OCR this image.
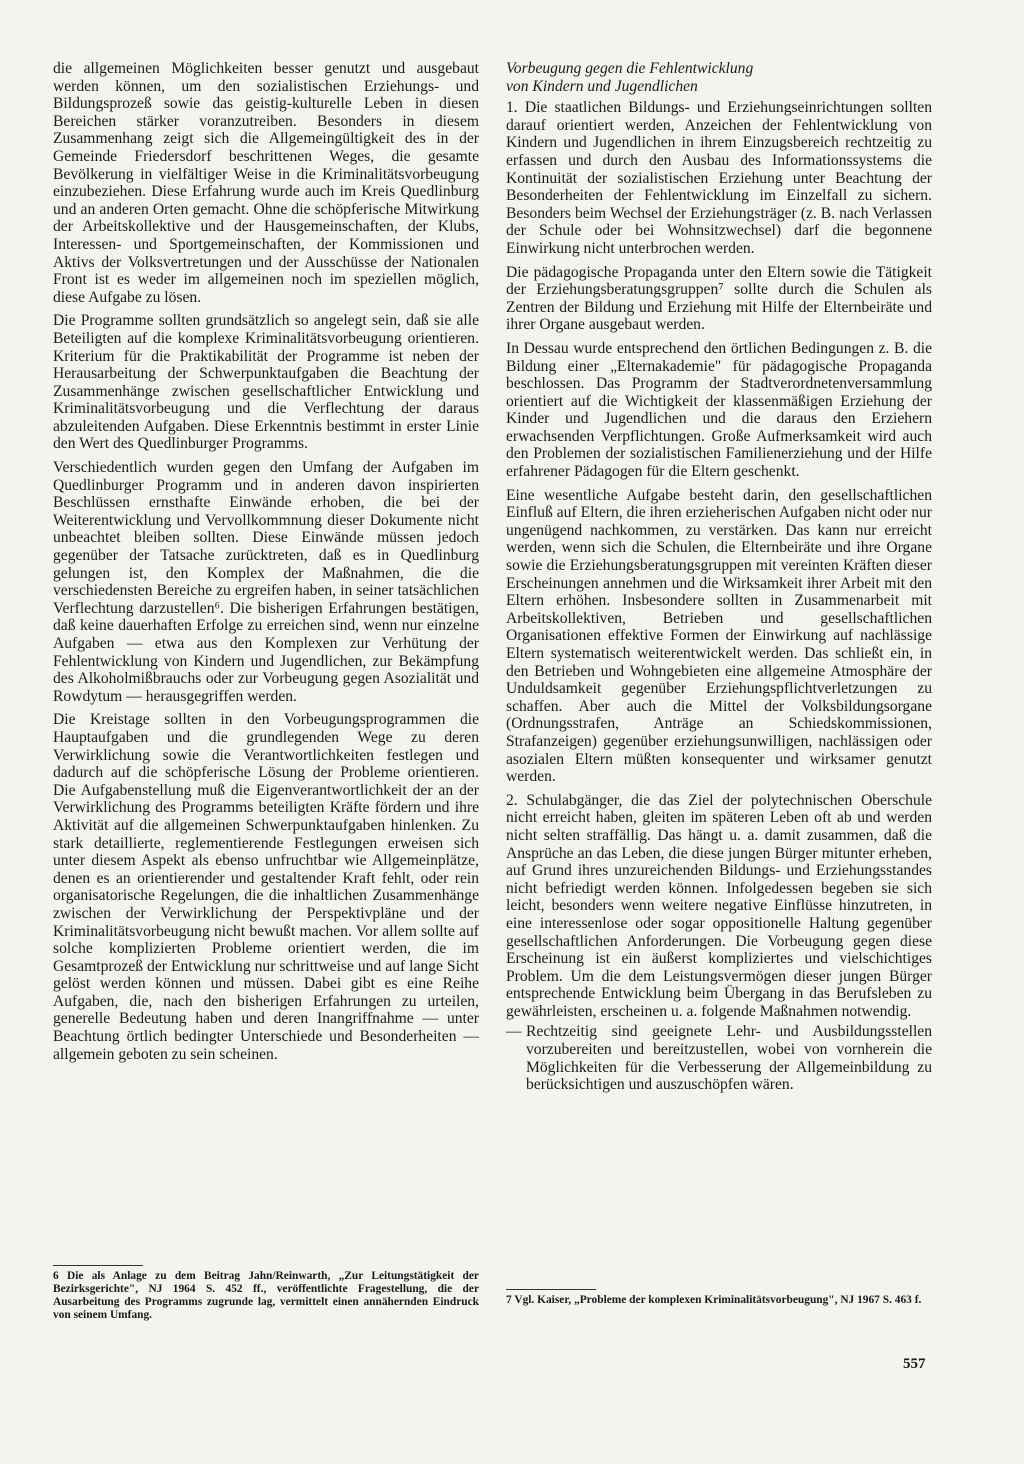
die allgemeinen Möglichkeiten besser genutzt und ausgebaut werden können, um den sozialistischen Erziehungs- und Bildungsprozeß sowie das geistig-kulturelle Leben in diesen Bereichen stärker voranzutreiben. Besonders in diesem Zusammenhang zeigt sich die Allgemeingültigkeit des in der Gemeinde Friedersdorf beschrittenen Weges, die gesamte Bevölkerung in vielfältiger Weise in die Kriminalitätsvorbeugung einzubeziehen. Diese Erfahrung wurde auch im Kreis Quedlinburg und an anderen Orten gemacht. Ohne die schöpferische Mitwirkung der Arbeitskollektive und der Hausgemeinschaften, der Klubs, Interessen- und Sportgemeinschaften, der Kommissionen und Aktivs der Volksvertretungen und der Ausschüsse der Nationalen Front ist es weder im allgemeinen noch im speziellen möglich, diese Aufgabe zu lösen.

Die Programme sollten grundsätzlich so angelegt sein, daß sie alle Beteiligten auf die komplexe Kriminalitätsvorbeugung orientieren. Kriterium für die Praktikabilität der Programme ist neben der Herausarbeitung der Schwerpunktaufgaben die Beachtung der Zusammenhänge zwischen gesellschaftlicher Entwicklung und Kriminalitätsvorbeugung und die Verflechtung der daraus abzuleitenden Aufgaben. Diese Erkenntnis bestimmt in erster Linie den Wert des Quedlinburger Programms.

Verschiedentlich wurden gegen den Umfang der Aufgaben im Quedlinburger Programm und in anderen davon inspirierten Beschlüssen ernsthafte Einwände erhoben, die bei der Weiterentwicklung und Vervollkommnung dieser Dokumente nicht unbeachtet bleiben sollten. Diese Einwände müssen jedoch gegenüber der Tatsache zurücktreten, daß es in Quedlinburg gelungen ist, den Komplex der Maßnahmen, die die verschiedensten Bereiche zu ergreifen haben, in seiner tatsächlichen Verflechtung darzustellen⁶. Die bisherigen Erfahrungen bestätigen, daß keine dauerhaften Erfolge zu erreichen sind, wenn nur einzelne Aufgaben — etwa aus den Komplexen zur Verhütung der Fehlentwicklung von Kindern und Jugendlichen, zur Bekämpfung des Alkoholmißbrauchs oder zur Vorbeugung gegen Asozialität und Rowdytum — herausgegriffen werden.

Die Kreistage sollten in den Vorbeugungsprogrammen die Hauptaufgaben und die grundlegenden Wege zu deren Verwirklichung sowie die Verantwortlichkeiten festlegen und dadurch auf die schöpferische Lösung der Probleme orientieren. Die Aufgabenstellung muß die Eigenverantwortlichkeit der an der Verwirklichung des Programms beteiligten Kräfte fördern und ihre Aktivität auf die allgemeinen Schwerpunktaufgaben hinlenken. Zu stark detaillierte, reglementierende Festlegungen erweisen sich unter diesem Aspekt als ebenso unfruchtbar wie Allgemeinplätze, denen es an orientierender und gestaltender Kraft fehlt, oder rein organisatorische Regelungen, die die inhaltlichen Zusammenhänge zwischen der Verwirklichung der Perspektivpläne und der Kriminalitätsvorbeugung nicht bewußt machen. Vor allem sollte auf solche komplizierten Probleme orientiert werden, die im Gesamtprozeß der Entwicklung nur schrittweise und auf lange Sicht gelöst werden können und müssen. Dabei gibt es eine Reihe Aufgaben, die, nach den bisherigen Erfahrungen zu urteilen, generelle Bedeutung haben und deren Inangriffnahme — unter Beachtung örtlich bedingter Unterschiede und Besonderheiten — allgemein geboten zu sein scheinen.

6 Die als Anlage zu dem Beitrag Jahn/Reinwarth, „Zur Leitungstätigkeit der Bezirksgerichte", NJ 1964 S. 452 ff., veröffentlichte Fragestellung, die der Ausarbeitung des Programms zugrunde lag, vermittelt einen annähernden Eindruck von seinem Umfang.
Vorbeugung gegen die Fehlentwicklung
von Kindern und Jugendlichen

1. Die staatlichen Bildungs- und Erziehungseinrichtungen sollten darauf orientiert werden, Anzeichen der Fehlentwicklung von Kindern und Jugendlichen in ihrem Einzugsbereich rechtzeitig zu erfassen und durch den Ausbau des Informationssystems die Kontinuität der sozialistischen Erziehung unter Beachtung der Besonderheiten der Fehlentwicklung im Einzelfall zu sichern. Besonders beim Wechsel der Erziehungsträger (z. B. nach Verlassen der Schule oder bei Wohnsitzwechsel) darf die begonnene Einwirkung nicht unterbrochen werden.

Die pädagogische Propaganda unter den Eltern sowie die Tätigkeit der Erziehungsberatungsgruppen⁷ sollte durch die Schulen als Zentren der Bildung und Erziehung mit Hilfe der Elternbeiräte und ihrer Organe ausgebaut werden.

In Dessau wurde entsprechend den örtlichen Bedingungen z. B. die Bildung einer „Elternakademie" für pädagogische Propaganda beschlossen. Das Programm der Stadtverordnetenversammlung orientiert auf die Wichtigkeit der klassenmäßigen Erziehung der Kinder und Jugendlichen und die daraus den Erziehern erwachsenden Verpflichtungen. Große Aufmerksamkeit wird auch den Problemen der sozialistischen Familienerziehung und der Hilfe erfahrener Pädagogen für die Eltern geschenkt.

Eine wesentliche Aufgabe besteht darin, den gesellschaftlichen Einfluß auf Eltern, die ihren erzieherischen Aufgaben nicht oder nur ungenügend nachkommen, zu verstärken. Das kann nur erreicht werden, wenn sich die Schulen, die Elternbeiräte und ihre Organe sowie die Erziehungsberatungsgruppen mit vereinten Kräften dieser Erscheinungen annehmen und die Wirksamkeit ihrer Arbeit mit den Eltern erhöhen. Insbesondere sollten in Zusammenarbeit mit Arbeitskollektiven, Betrieben und gesellschaftlichen Organisationen effektive Formen der Einwirkung auf nachlässige Eltern systematisch weiterentwickelt werden. Das schließt ein, in den Betrieben und Wohngebieten eine allgemeine Atmosphäre der Unduldsamkeit gegenüber Erziehungspflichtverletzungen zu schaffen. Aber auch die Mittel der Volksbildungsorgane (Ordnungsstrafen, Anträge an Schiedskommissionen, Strafanzeigen) gegenüber erziehungsunwilligen, nachlässigen oder asozialen Eltern müßten konsequenter und wirksamer genutzt werden.

2. Schulabgänger, die das Ziel der polytechnischen Oberschule nicht erreicht haben, gleiten im späteren Leben oft ab und werden nicht selten straffällig. Das hängt u. a. damit zusammen, daß die Ansprüche an das Leben, die diese jungen Bürger mitunter erheben, auf Grund ihres unzureichenden Bildungs- und Erziehungsstandes nicht befriedigt werden können. Infolgedessen begeben sie sich leicht, besonders wenn weitere negative Einflüsse hinzutreten, in eine interessenlose oder sogar oppositionelle Haltung gegenüber gesellschaftlichen Anforderungen. Die Vorbeugung gegen diese Erscheinung ist ein äußerst kompliziertes und vielschichtiges Problem. Um die dem Leistungsvermögen dieser jungen Bürger entsprechende Entwicklung beim Übergang in das Berufsleben zu gewährleisten, erscheinen u. a. folgende Maßnahmen notwendig.

— Rechtzeitig sind geeignete Lehr- und Ausbildungsstellen vorzubereiten und bereitzustellen, wobei von vornherein die Möglichkeiten für die Verbesserung der Allgemeinbildung zu berücksichtigen und auszuschöpfen wären.
7 Vgl. Kaiser, „Probleme der komplexen Kriminalitätsvorbeugung", NJ 1967 S. 463 f.
557
